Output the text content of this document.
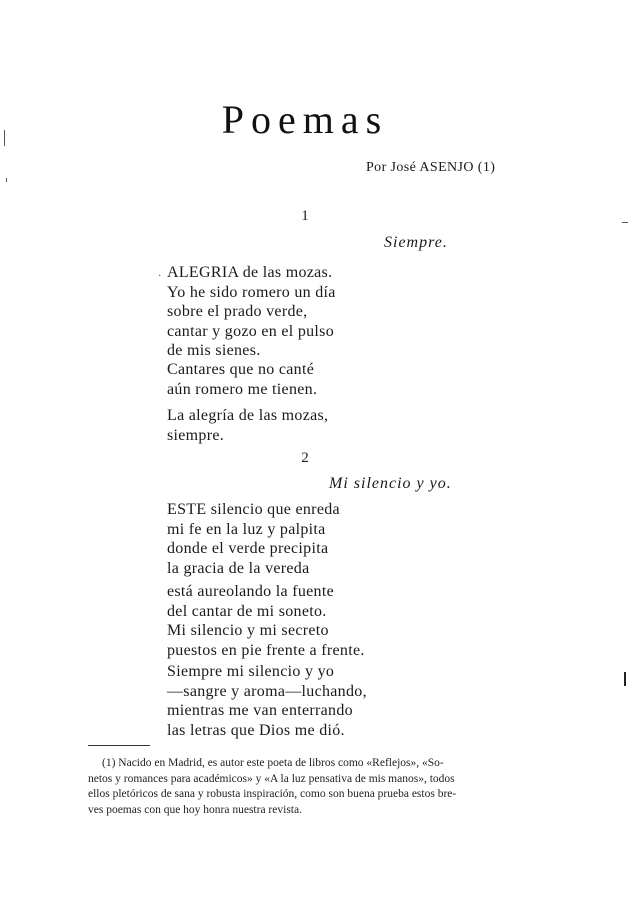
Poemas
Por José ASENJO (1)
1
Siempre.
· ALEGRIA de las mozas.
Yo he sido romero un día
sobre el prado verde,
cantar y gozo en el pulso
de mis sienes.
Cantares que no canté
aún romero me tienen.
La alegría de las mozas,
siempre.
2
Mi silencio y yo.
ESTE silencio que enreda
mi fe en la luz y palpita
donde el verde precipita
la gracia de la vereda
está aureolando la fuente
del cantar de mi soneto.
Mi silencio y mi secreto
puestos en pie frente a frente.
Siempre mi silencio y yo
—sangre y aroma—luchando,
mientras me van enterrando
las letras que Dios me dió.
(1) Nacido en Madrid, es autor este poeta de libros como «Reflejos», «So-
netos y romances para académicos» y «A la luz pensativa de mis manos», todos
ellos pletóricos de sana y robusta inspiración, como son buena prueba estos bre-
ves poemas con que hoy honra nuestra revista.
